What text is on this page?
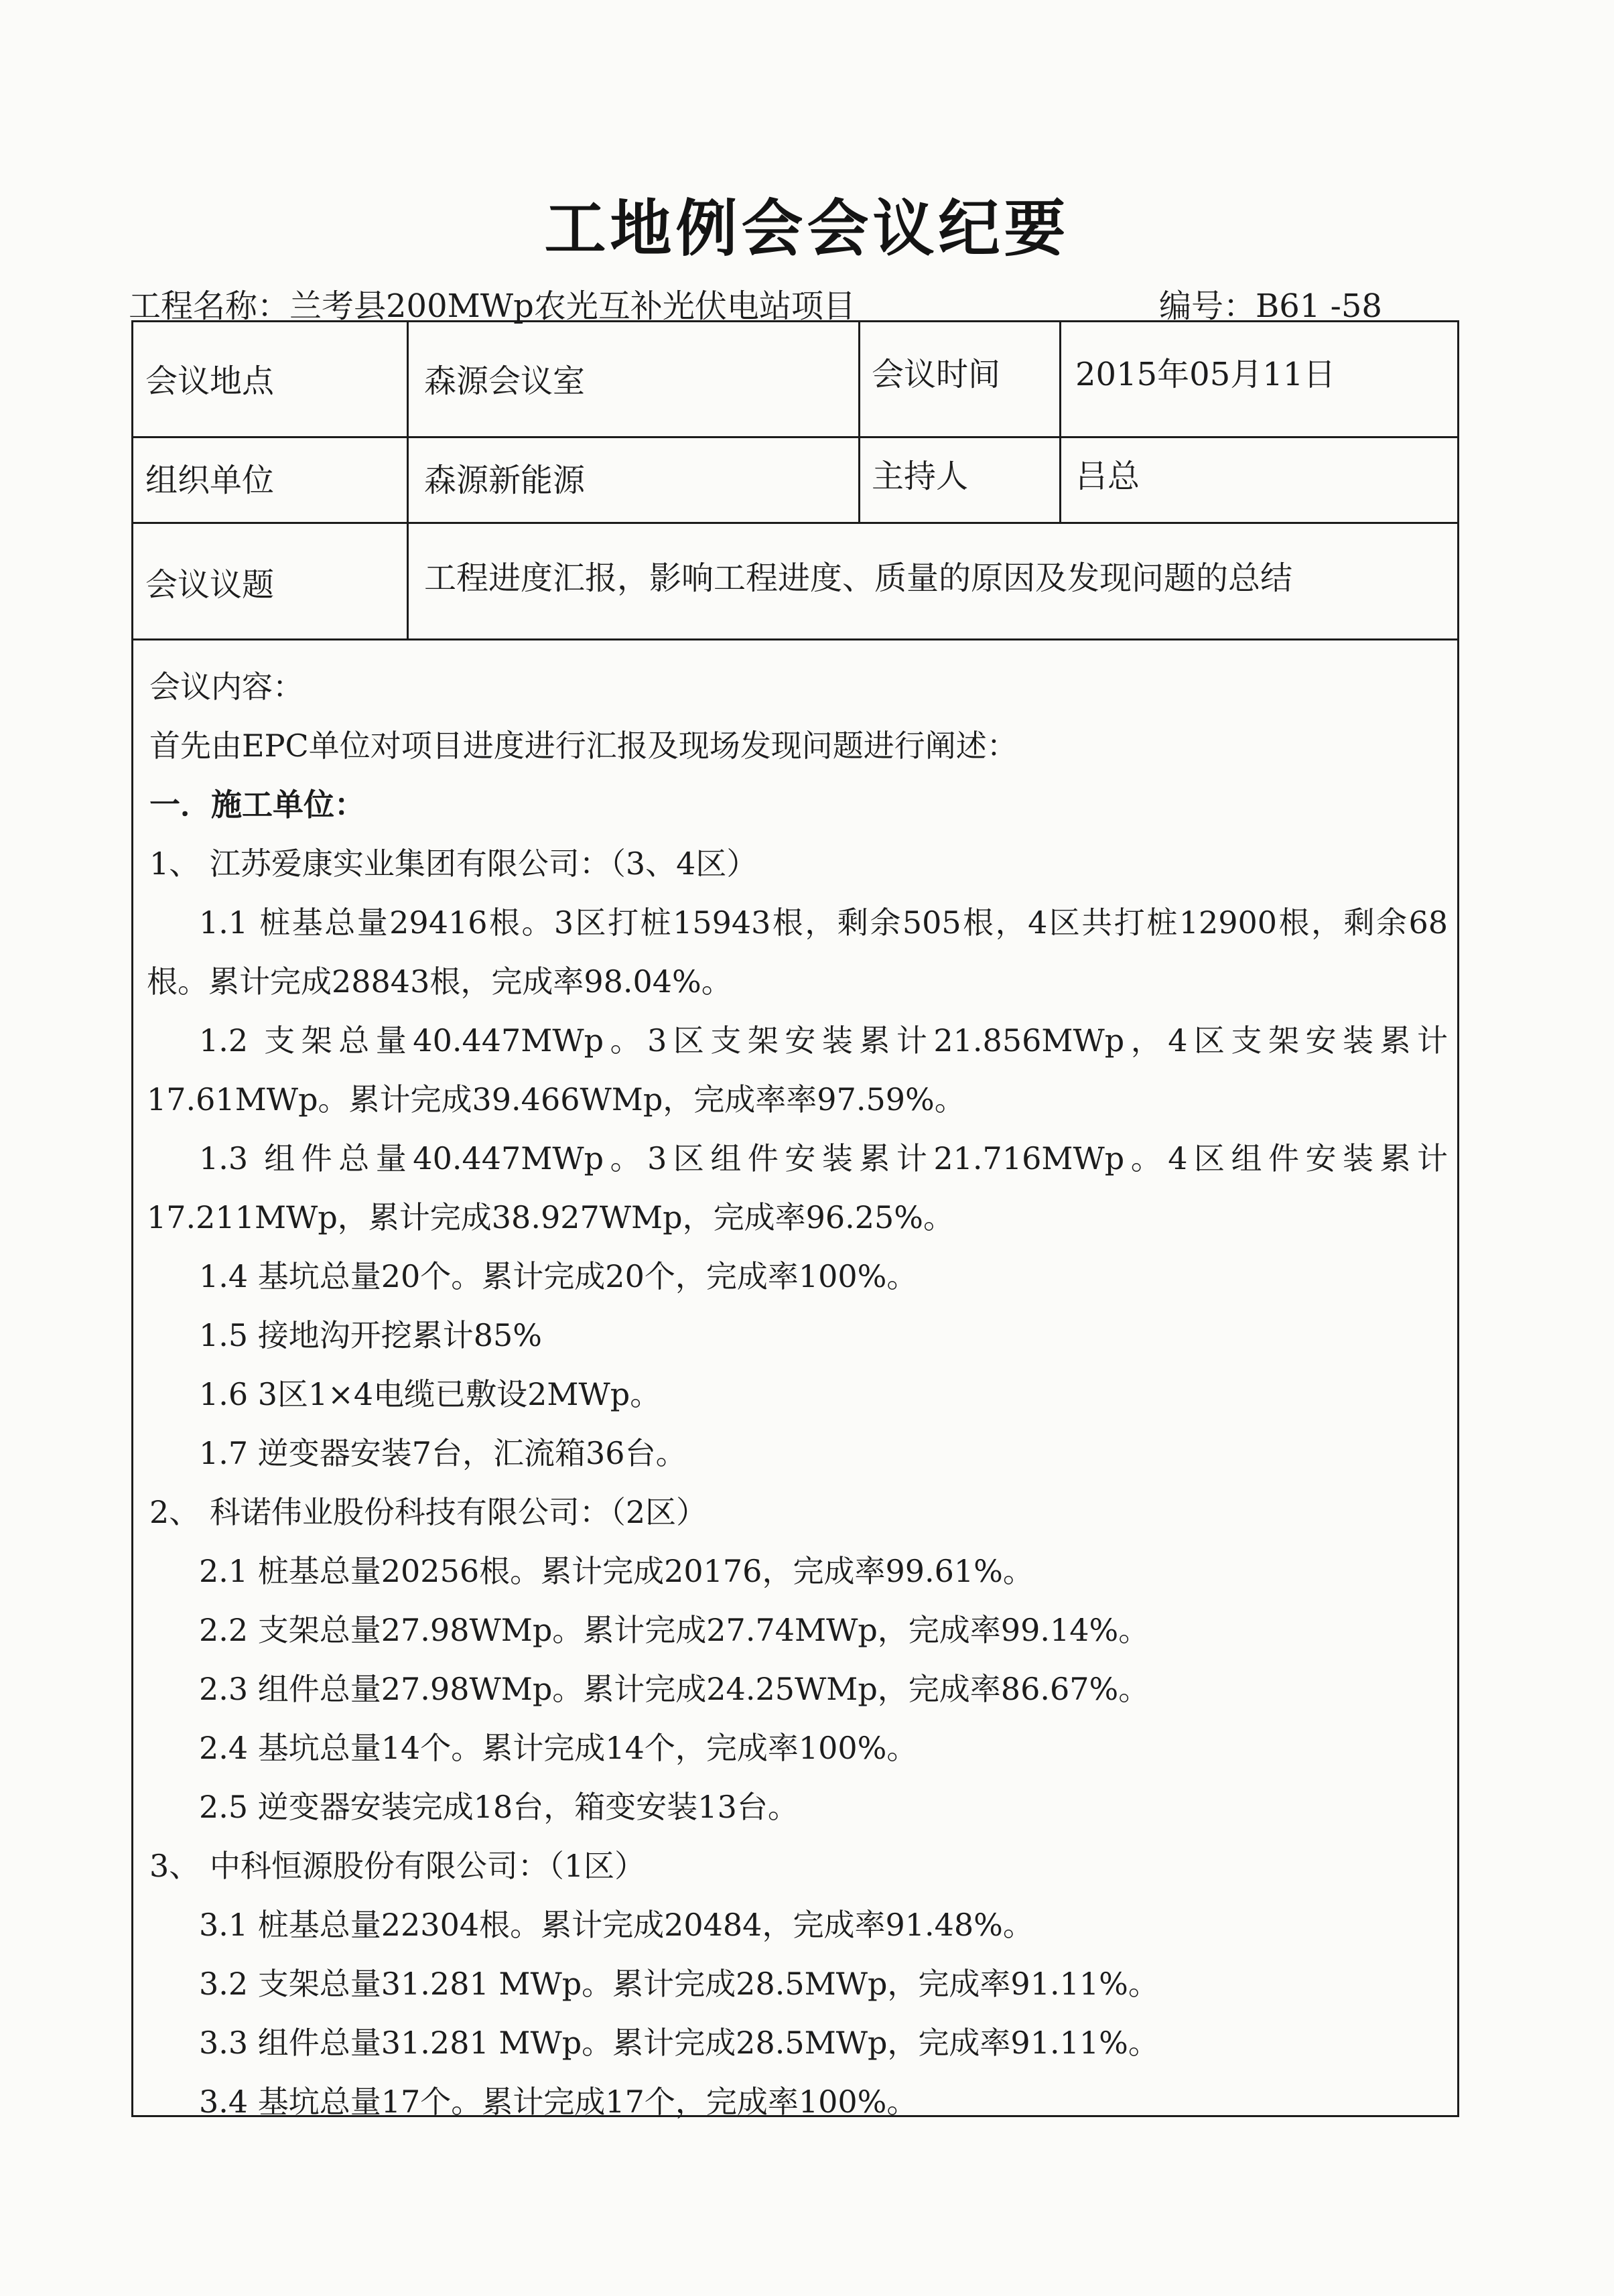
工地例会会议纪要
工程名称：兰考县200MWp农光互补光伏电站项目	编号：B61 -58
会议地点	森源会议室	会议时间 2015年05月11日
组织单位	森源新能源	主持人	吕总
会议议题	工程进度汇报，影响工程进度、质量的原因及发现问题的总结

会议内容：

首先由EPC单位对项目进度进行汇报及现场发现问题进行阐述：

一．施工单位：

1、 江苏爱康实业集团有限公司：（3、4区）

1.1 桩基总量29416根。3区打桩15943根，剩余505根，4区共打桩12900根，剩余68根。累计完成28843根，完成率98.04%。

1.2 支架总量40.447MWp。3区支架安装累计21.856MWp，4区支架安装累计17.61MWp。累计完成39.466WMp，完成率率97.59%。

1.3 组件总量40.447MWp。3区组件安装累计21.716MWp。4区组件安装累计17.211MWp，累计完成38.927WMp，完成率96.25%。

1.4 基坑总量20个。累计完成20个，完成率100%。

1.5 接地沟开挖累计85%

1.6 3区1×4电缆已敷设2MWp。

1.7 逆变器安装7台，汇流箱36台。

2、 科诺伟业股份科技有限公司：（2区）

2.1 桩基总量20256根。累计完成20176，完成率99.61%。

2.2 支架总量27.98WMp。累计完成27.74MWp，完成率99.14%。

2.3 组件总量27.98WMp。累计完成24.25WMp，完成率86.67%。

2.4 基坑总量14个。累计完成14个，完成率100%。

2.5 逆变器安装完成18台，箱变安装13台。

3、 中科恒源股份有限公司：（1区）

3.1 桩基总量22304根。累计完成20484，完成率91.48%。

3.2 支架总量31.281 MWp。累计完成28.5MWp，完成率91.11%。

3.3 组件总量31.281 MWp。累计完成28.5MWp，完成率91.11%。

3.4 基坑总量17个。累计完成17个，完成率100%。
